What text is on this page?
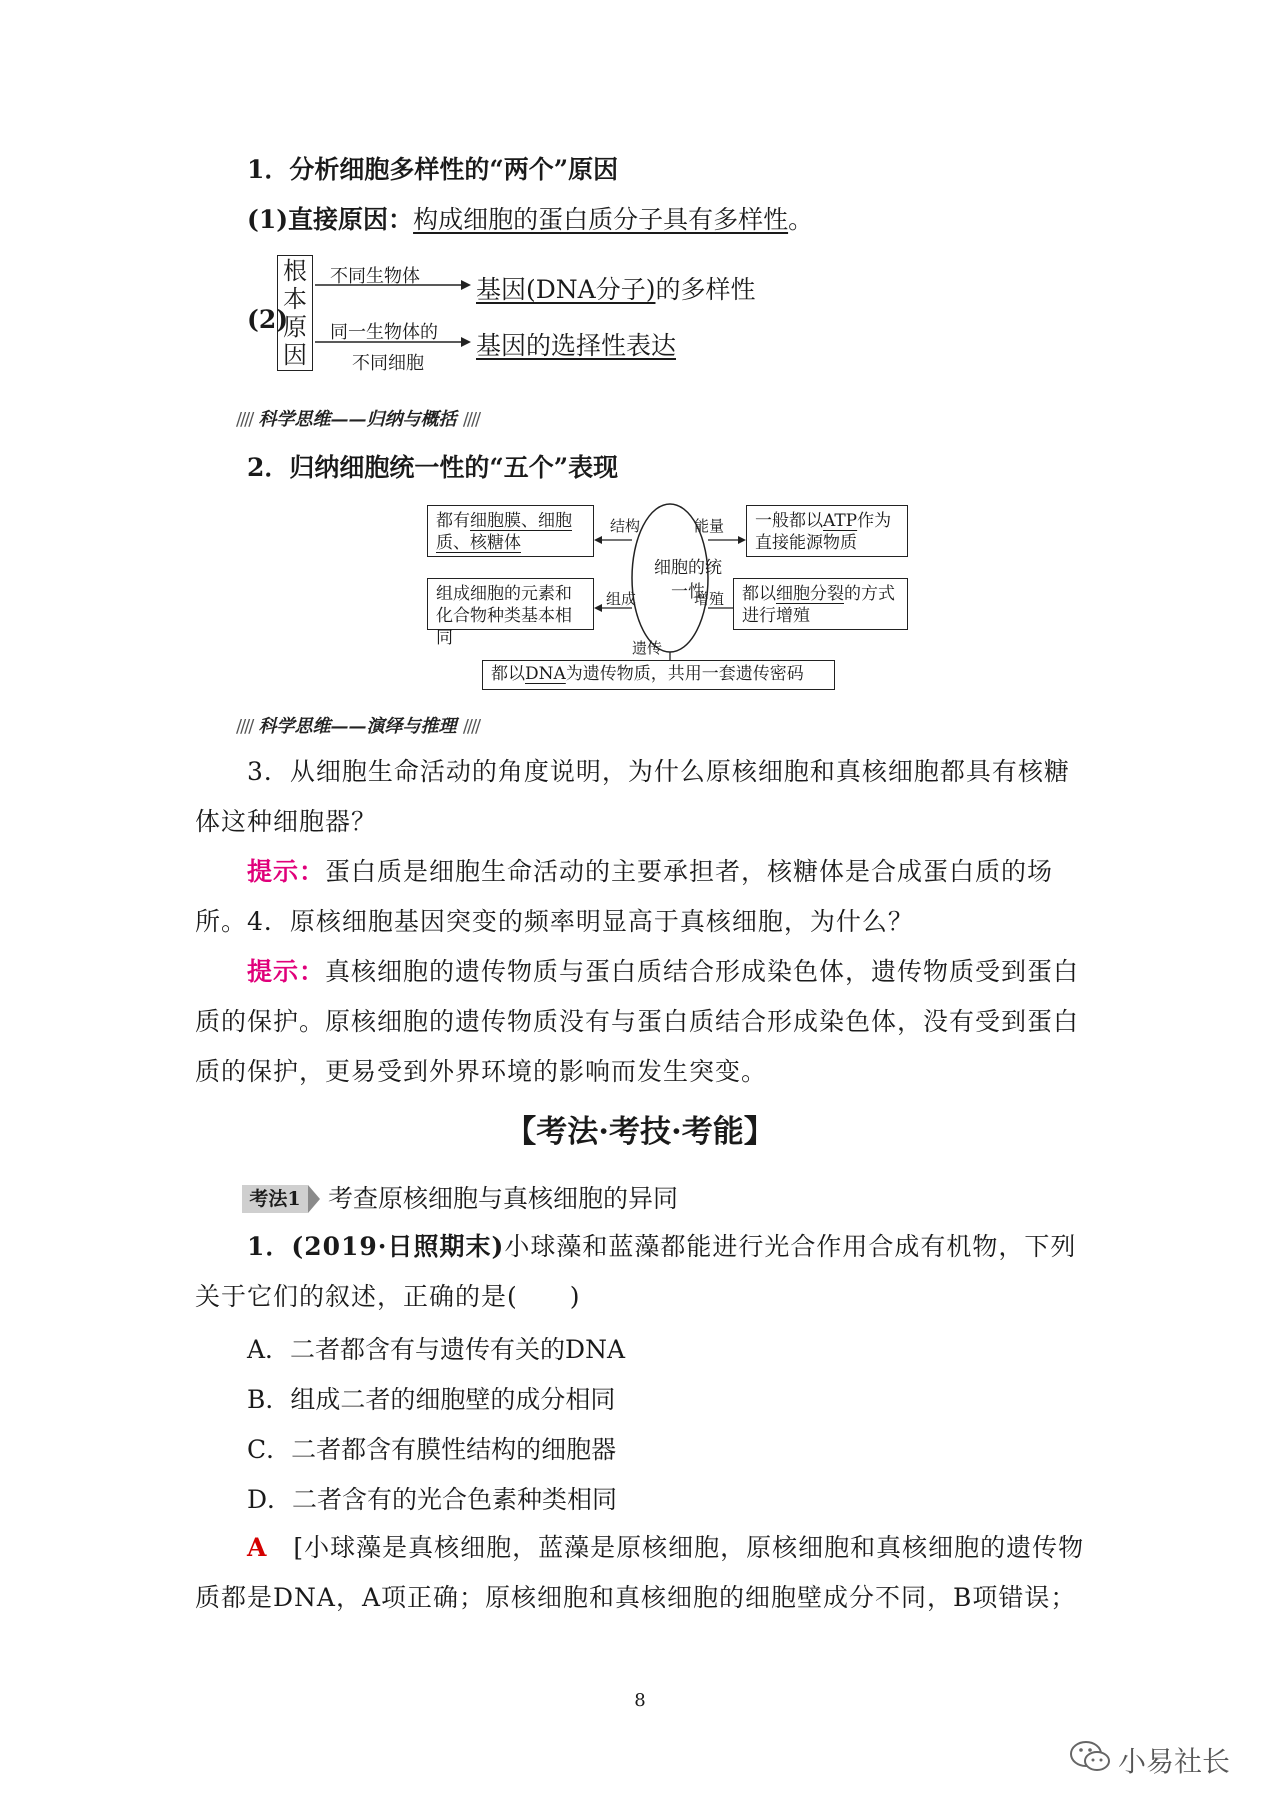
1．分析细胞多样性的“两个”原因
(1)直接原因：构成细胞的蛋白质分子具有多样性。
(2)
根本原因
不同生物体 基因(DNA分子)的多样性
同一生物体的
不同细胞
基因的选择性表达
//// 科学思维——归纳与概括 ////
2．归纳细胞统一性的“五个”表现
细胞的统一性
都有细胞膜、细胞质、核糖体
结构	一般都以ATP作为直接能源物质
能量
组成细胞的元素和化合物种类基本相同
组成	都以细胞分裂的方式进行增殖
增殖
遗传
都以DNA为遗传物质，共用一套遗传密码
//// 科学思维——演绎与推理 ////
3．从细胞生命活动的角度说明，为什么原核细胞和真核细胞都具有核糖体这种细胞器？
提示：蛋白质是细胞生命活动的主要承担者，核糖体是合成蛋白质的场所。 4．原核细胞基因突变的频率明显高于真核细胞，为什么？
提示：真核细胞的遗传物质与蛋白质结合形成染色体，遗传物质受到蛋白质的保护。原核细胞的遗传物质没有与蛋白质结合形成染色体，没有受到蛋白质的保护，更易受到外界环境的影响而发生突变。
【考法·考技·考能】
考法1 考查原核细胞与真核细胞的异同
1．(2019·日照期末)小球藻和蓝藻都能进行光合作用合成有机物，下列关于它们的叙述，正确的是(　　)
A．二者都含有与遗传有关的DNA
B．组成二者的细胞壁的成分相同
C．二者都含有膜性结构的细胞器
D．二者含有的光合色素种类相同
A　 [小球藻是真核细胞，蓝藻是原核细胞，原核细胞和真核细胞的遗传物质都是DNA，A项正确；原核细胞和真核细胞的细胞壁成分不同，B项错误；
8
小易社长
